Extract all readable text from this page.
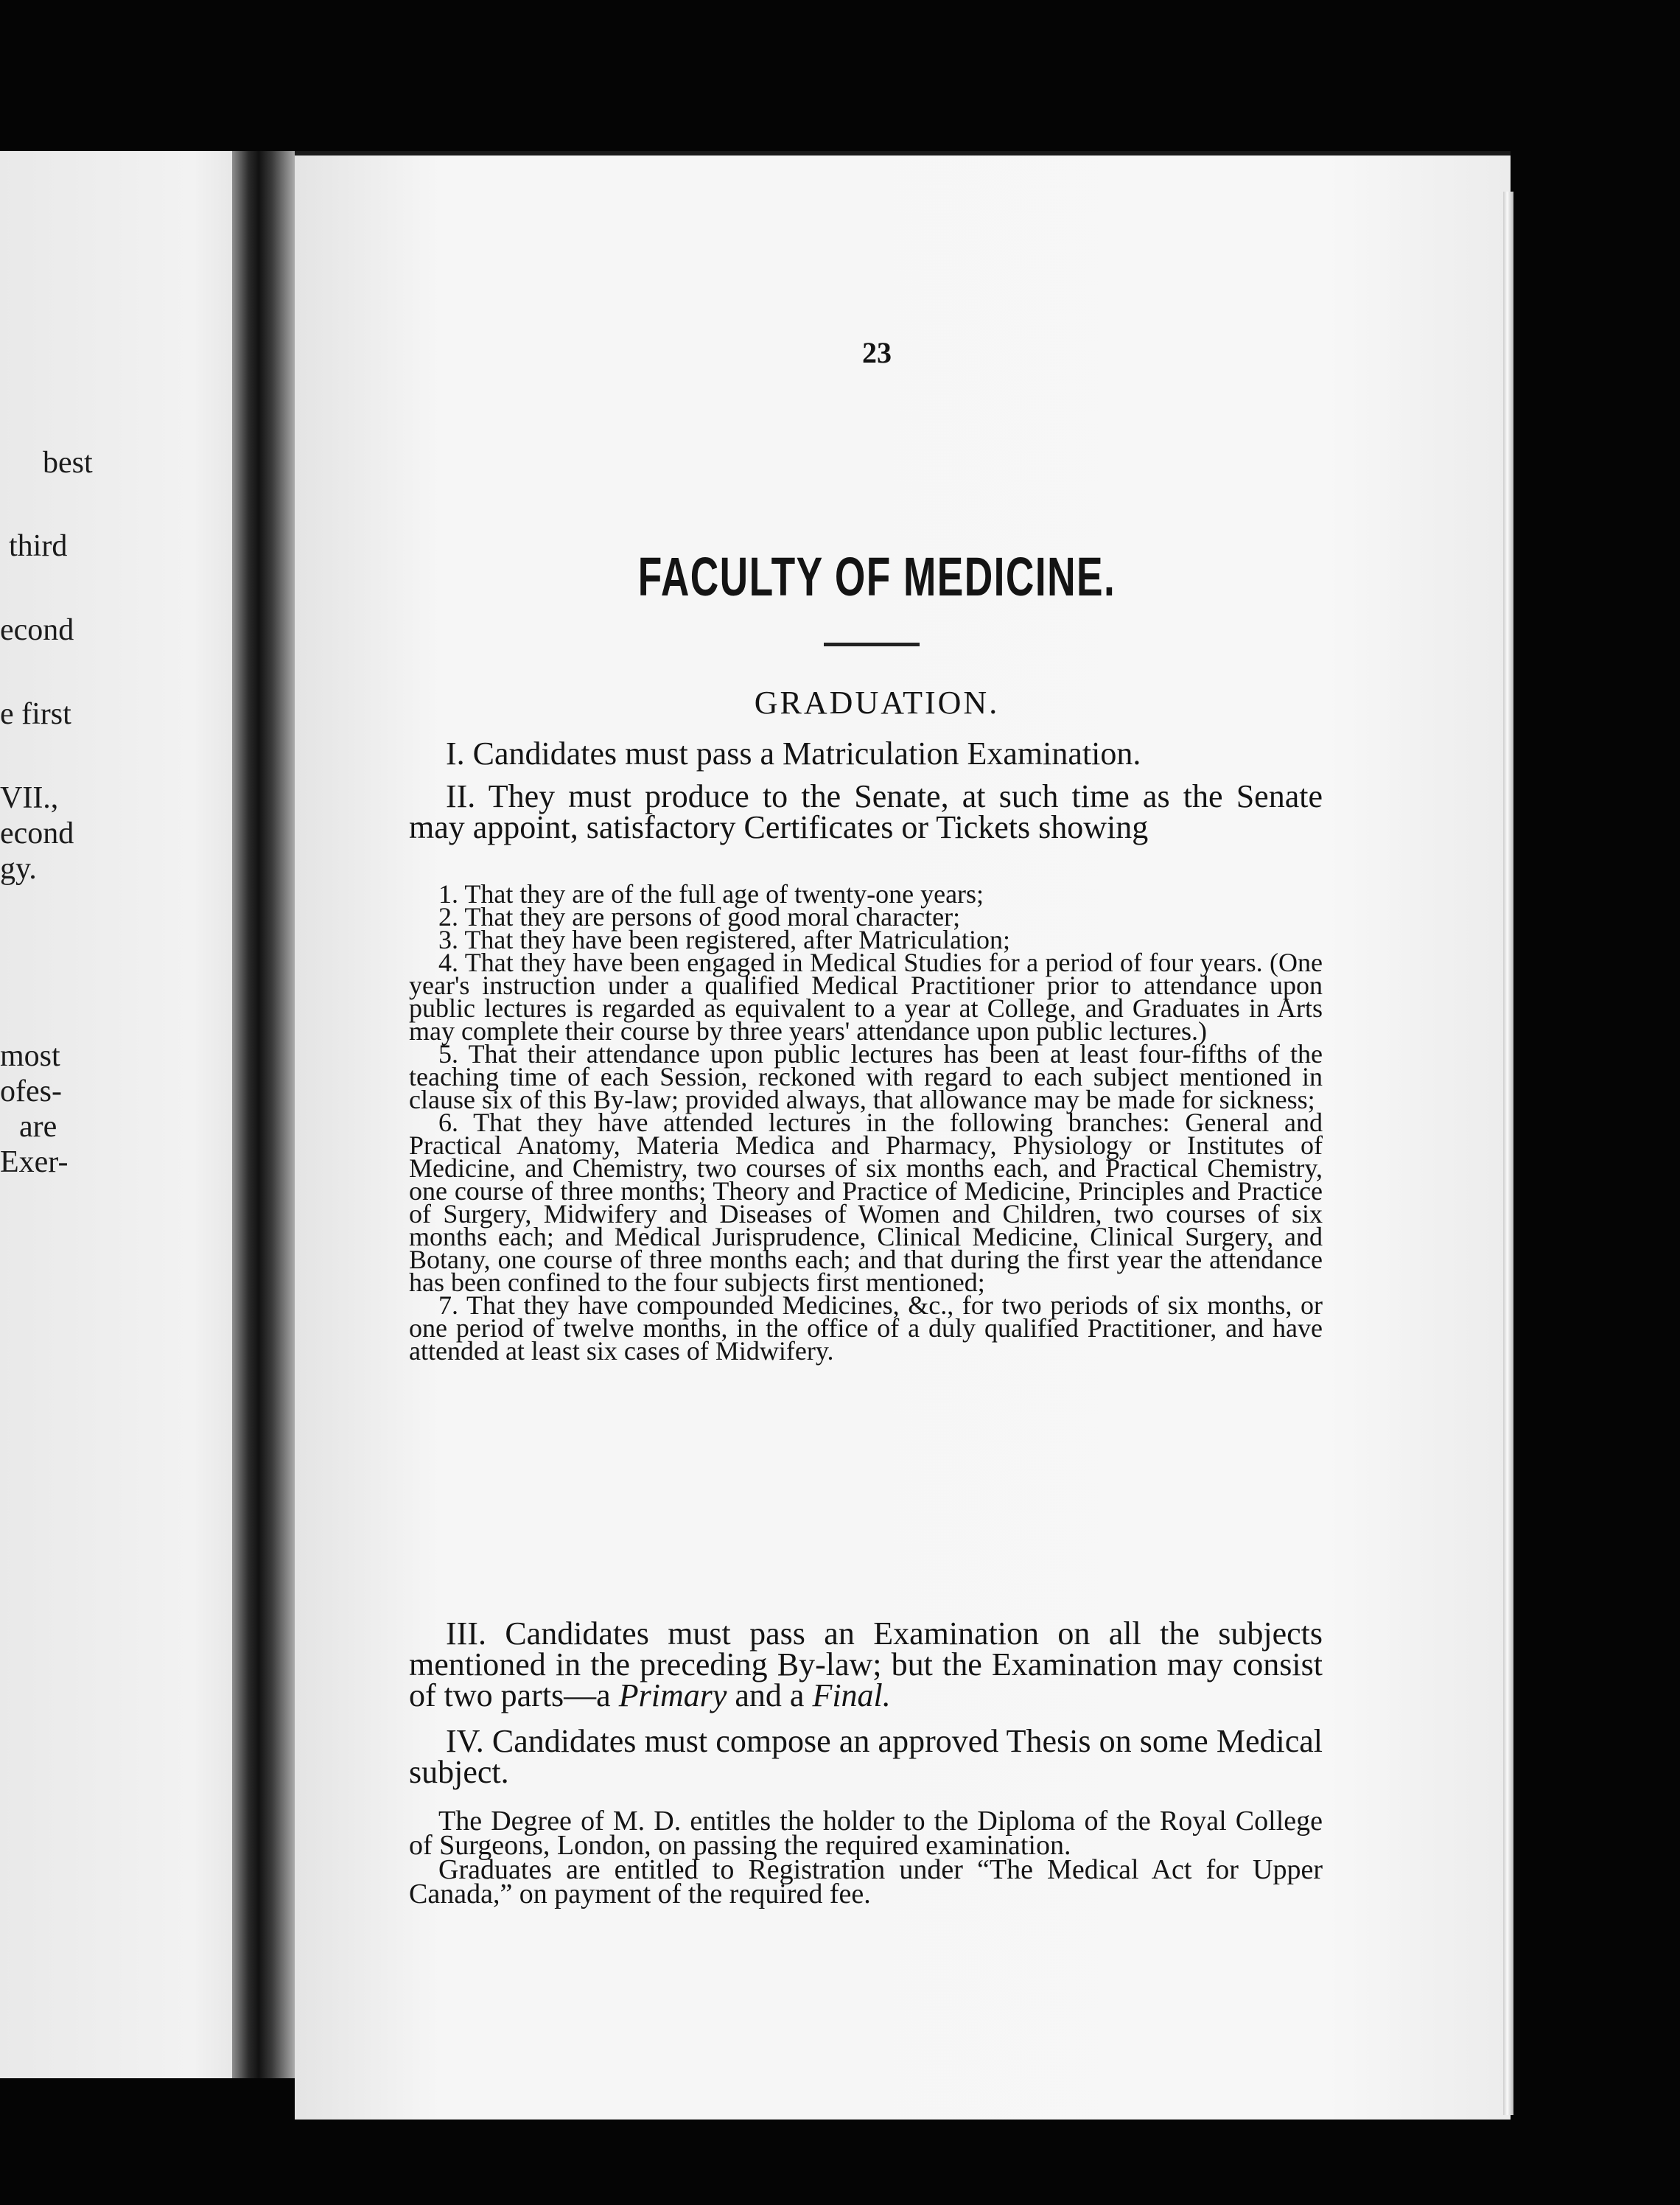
best
third
econd
e first
VII.,
econd
gy.
most
ofes-
are
Exer-
23
FACULTY OF MEDICINE.
GRADUATION.

I. Candidates must pass a Matriculation Examination.

II. They must produce to the Senate, at such time as the Senate may appoint, satisfactory Certificates or Tickets showing

1. That they are of the full age of twenty-one years;

2. That they are persons of good moral character;

3. That they have been registered, after Matriculation;

4. That they have been engaged in Medical Studies for a period of four years. (One year's instruction under a qualified Medical Practitioner prior to attendance upon public lectures is regarded as equivalent to a year at College, and Graduates in Arts may complete their course by three years' attendance upon public lectures.)

5. That their attendance upon public lectures has been at least four-fifths of the teaching time of each Session, reckoned with regard to each subject mentioned in clause six of this By-law; provided always, that allowance may be made for sickness;

6. That they have attended lectures in the following branches: General and Practical Anatomy, Materia Medica and Pharmacy, Physiology or Institutes of Medicine, and Chemistry, two courses of six months each, and Practical Chemistry, one course of three months; Theory and Practice of Medicine, Principles and Practice of Surgery, Midwifery and Diseases of Women and Children, two courses of six months each; and Medical Jurisprudence, Clinical Medicine, Clinical Surgery, and Botany, one course of three months each; and that during the first year the attendance has been confined to the four subjects first mentioned;

7. That they have compounded Medicines, &c., for two periods of six months, or one period of twelve months, in the office of a duly qualified Practitioner, and have attended at least six cases of Midwifery.

III. Candidates must pass an Examination on all the subjects mentioned in the preceding By-law; but the Examination may consist of two parts—a Primary and a Final.

IV. Candidates must compose an approved Thesis on some Medical subject.

The Degree of M. D. entitles the holder to the Diploma of the Royal College of Surgeons, London, on passing the required examination.

Graduates are entitled to Registration under “The Medical Act for Upper Canada,” on payment of the required fee.
